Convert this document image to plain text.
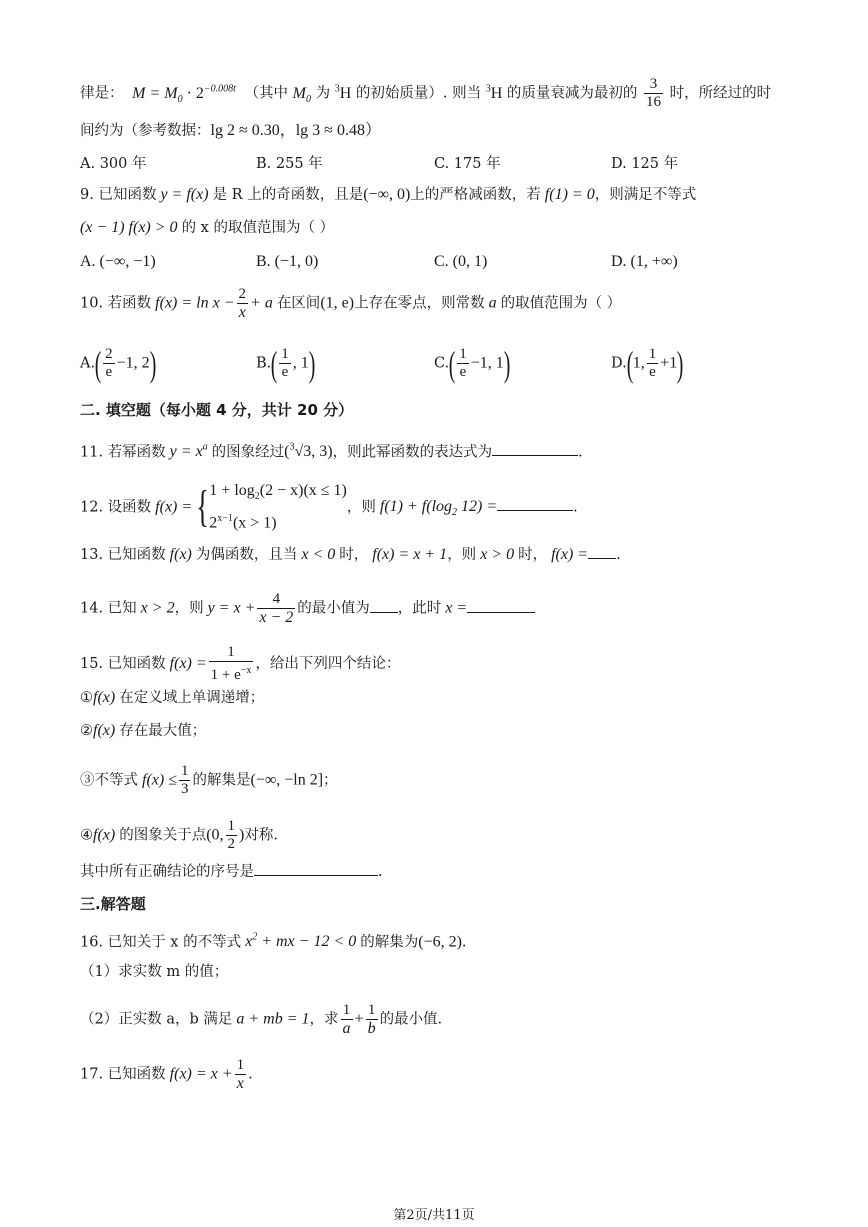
律是：  $M = M_0 \cdot 2^{-0.008t}$ （其中 $M_0$ 为 $^3$H 的初始质量）. 则当 $^3$H 的质量衰减为最初的 $\frac{3}{16}$ 时，所经过的时
间约为（参考数据：lg 2 ≈ 0.30，lg 3 ≈ 0.48）
A. 300 年	B. 255 年	C. 175 年	D. 125 年
9. 已知函数 y = f(x) 是 R 上的奇函数，且是(−∞, 0)上的严格减函数，若 f(1) = 0，则满足不等式
(x − 1) f(x) > 0 的 x 的取值范围为（ ）
A. (−∞, −1)	B. (−1, 0)	C. (0, 1)	D. (1, +∞)
10. 若函数 $f(x) = \ln x - \frac{2}{x} + a$ 在区间(1, e)上存在零点，则常数 a 的取值范围为（ ）
$A.( \frac{2}{e} -1$, 2)	$B.( \frac{1}{e}$ , 1)	$C.( \frac{1}{e} -1$, 1)	D.(1, $\frac{1}{e} +1$)
二. 填空题（每小题 4 分，共计 20 分）
11. 若幂函数 $y = x^a$ 的图象经过($^3$√3, 3)，则此幂函数的表达式为	.
12. 设函数 f(x) ={ $1 + \log_2(2 - x)(x \le 1)$
$2^{x-1}(x > 1)$
，则 $f(1) + f(\log_2$ 12) =	.
13. 已知函数 f(x) 为偶函数，且当 x < 0 时， f(x) = x + 1，则 x > 0 时， f(x) = .
14. 已知 x > 2，则 $y = x + \frac{4}{x - 2}$ 的最小值为 ，此时 x =
15. 已知函数 $f(x) = \frac{1}{1 + e^{-x}}$ ，给出下列四个结论：
①f(x) 在定义域上单调递增；
②f(x) 存在最大值；
③不等式 $f(x) \le \frac{1}{3}$ 的解集是(−∞, −ln 2]；
④f(x) 的图象关于点(0, $\frac{1}{2}$ )对称.
其中所有正确结论的序号是	.
三.解答题
16. 已知关于 x 的不等式 $x^2$ + mx − 12 < 0 的解集为(−6, 2).
（1）求实数 m 的值；
（2）正实数 a，b 满足 a + mb = 1，求 $\frac{1}{a} + \frac{1}{b}$ 的最小值.
17. 已知函数 $f(x) = x + \frac{1}{x}$ .
第2页/共11页
